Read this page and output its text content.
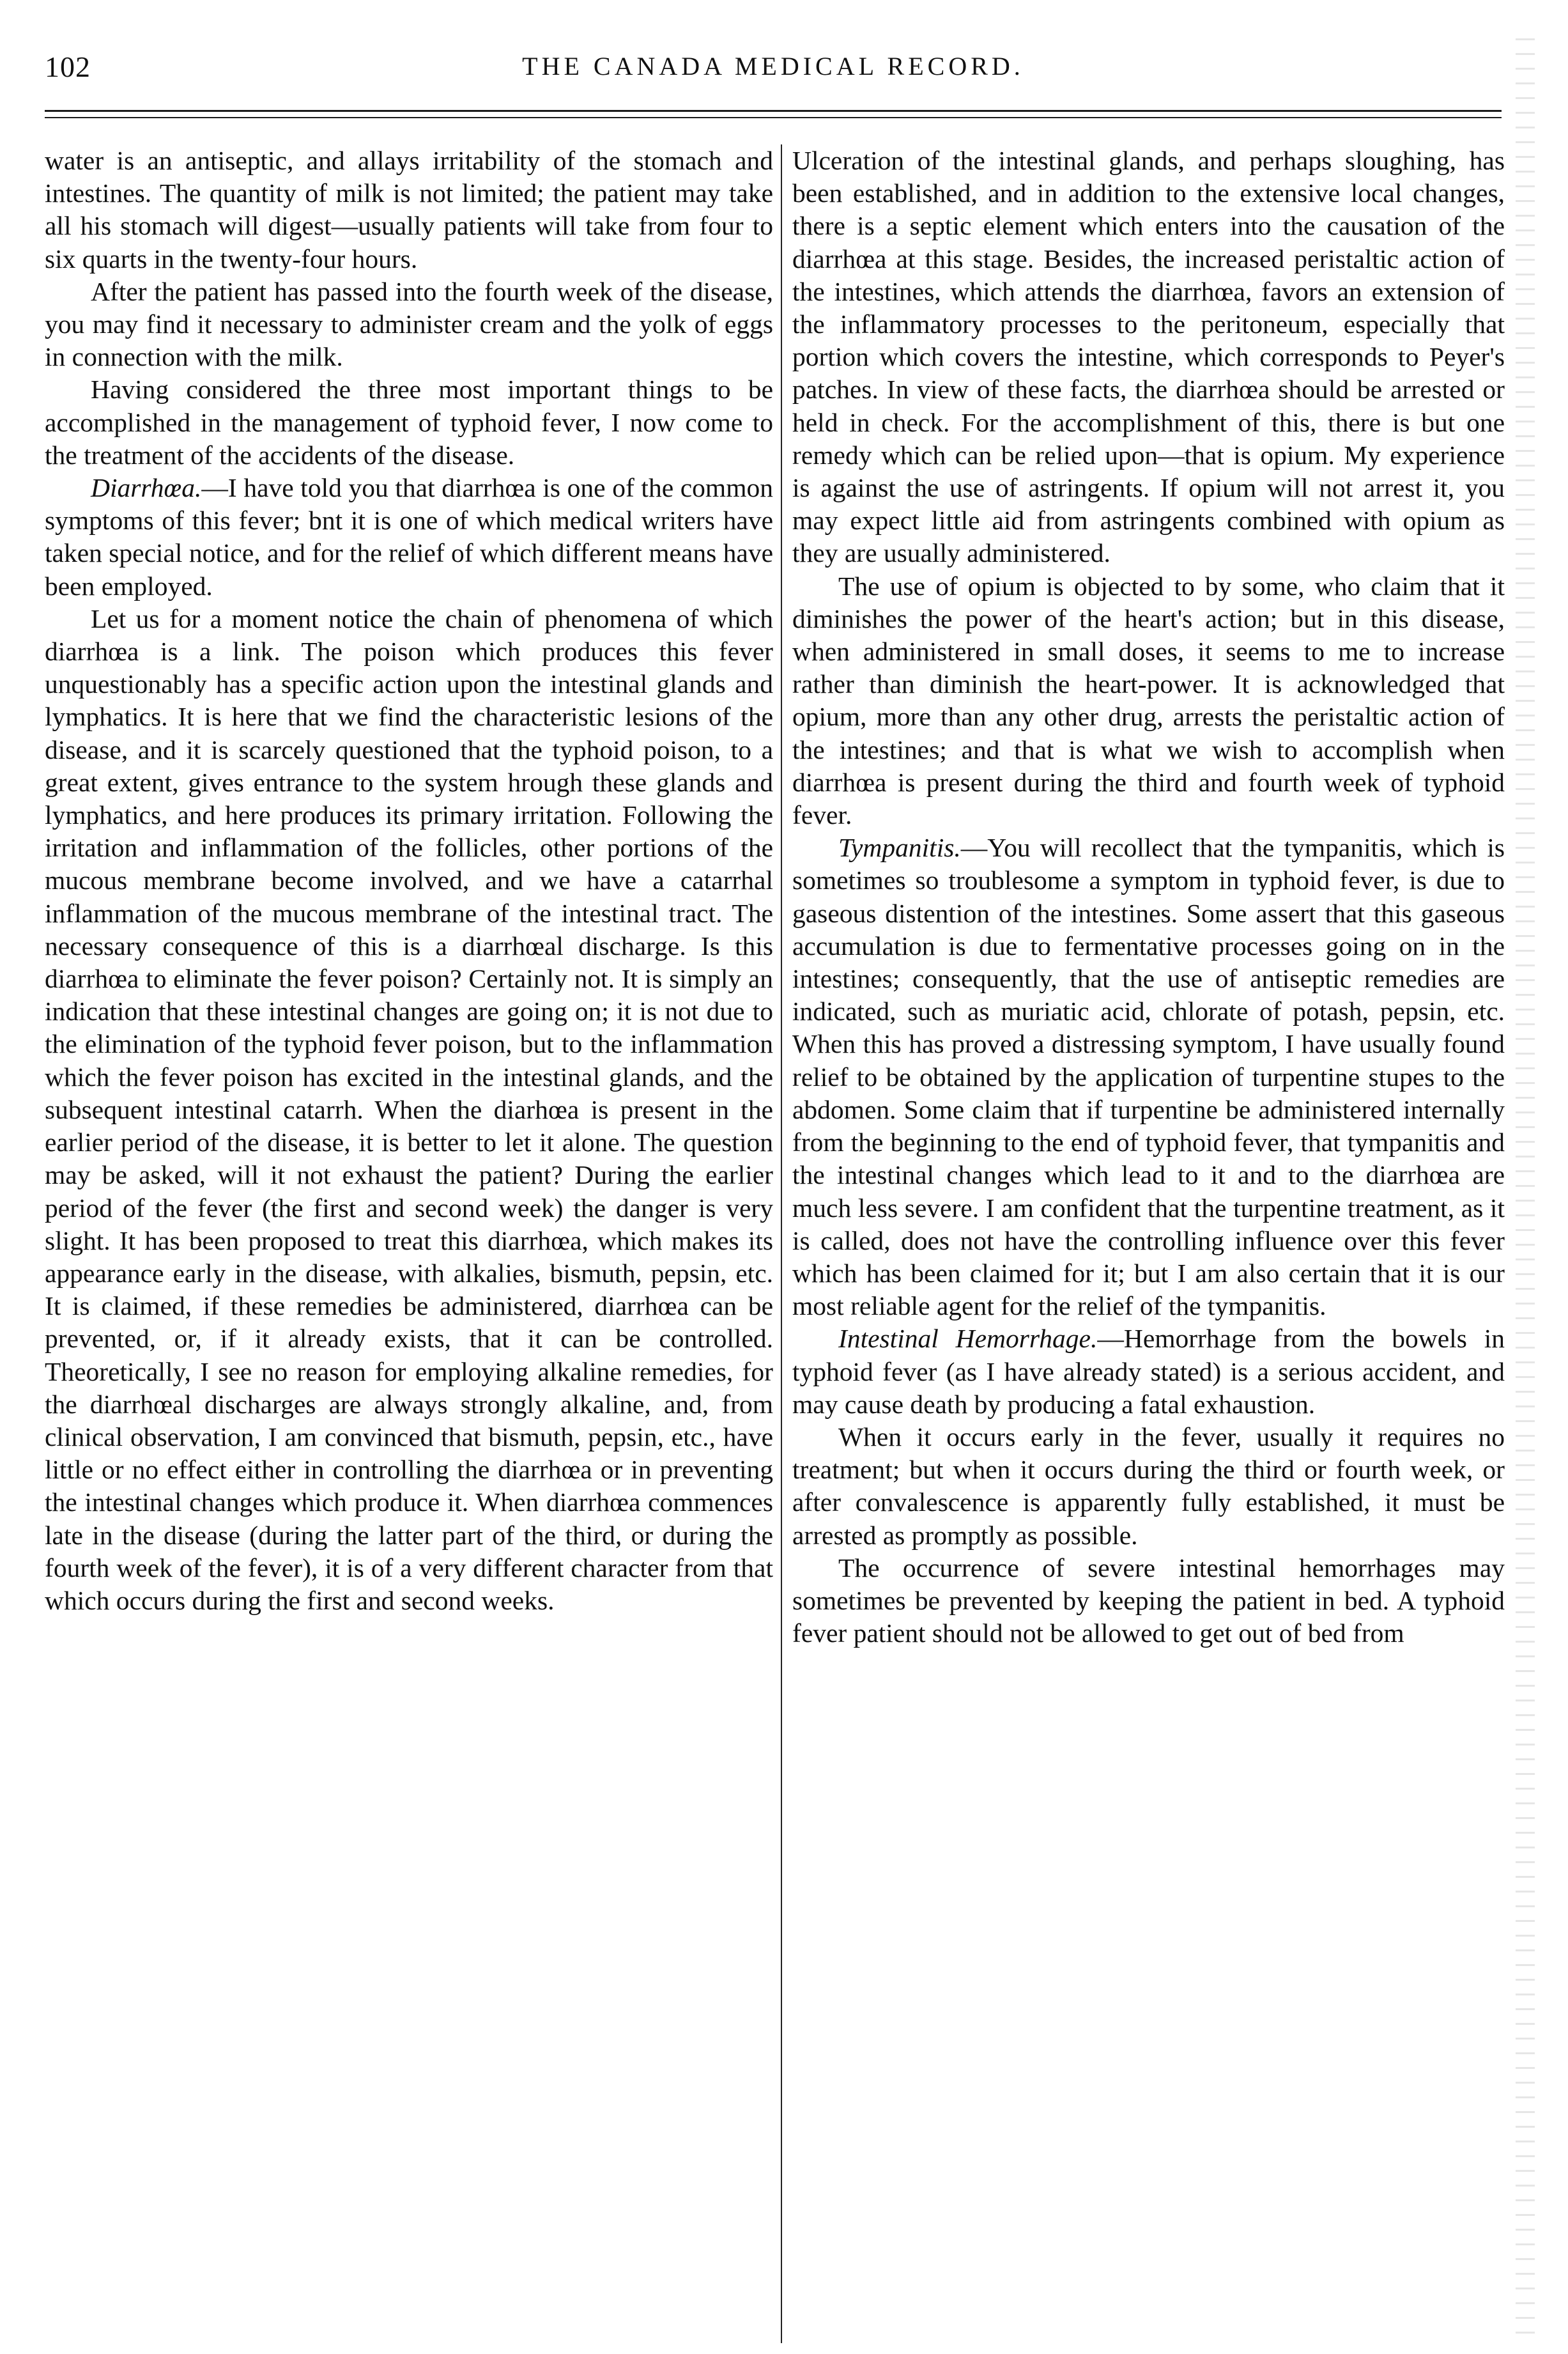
102	THE CANADA MEDICAL RECORD.

water is an antiseptic, and allays irritability of the stomach and intestines. The quantity of milk is not limited; the patient may take all his stomach will digest—usually patients will take from four to six quarts in the twenty-four hours.

After the patient has passed into the fourth week of the disease, you may find it necessary to administer cream and the yolk of eggs in connection with the milk.

Having considered the three most important things to be accomplished in the management of typhoid fever, I now come to the treatment of the accidents of the disease.

Diarrhœa.—I have told you that diarrhœa is one of the common symptoms of this fever; bnt it is one of which medical writers have taken special notice, and for the relief of which different means have been employed.

Let us for a moment notice the chain of phenomena of which diarrhœa is a link. The poison which produces this fever unquestionably has a specific action upon the intestinal glands and lymphatics. It is here that we find the characteristic lesions of the disease, and it is scarcely questioned that the typhoid poison, to a great extent, gives entrance to the system hrough these glands and lymphatics, and here produces its primary irritation. Following the irritation and inflammation of the follicles, other portions of the mucous membrane become involved, and we have a catarrhal inflammation of the mucous membrane of the intestinal tract. The necessary consequence of this is a diarrhœal discharge. Is this diarrhœa to eliminate the fever poison? Certainly not. It is simply an indication that these intestinal changes are going on; it is not due to the elimination of the typhoid fever poison, but to the inflammation which the fever poison has excited in the intestinal glands, and the subsequent intestinal catarrh. When the diarhœa is present in the earlier period of the disease, it is better to let it alone. The question may be asked, will it not exhaust the patient? During the earlier period of the fever (the first and second week) the danger is very slight. It has been proposed to treat this diarrhœa, which makes its appearance early in the disease, with alkalies, bismuth, pepsin, etc. It is claimed, if these remedies be administered, diarrhœa can be prevented, or, if it already exists, that it can be controlled. Theoretically, I see no reason for employing alkaline remedies, for the diarrhœal discharges are always strongly alkaline, and, from clinical observation, I am convinced that bismuth, pepsin, etc., have little or no effect either in controlling the diarrhœa or in preventing the intestinal changes which produce it. When diarrhœa commences late in the disease (during the latter part of the third, or during the fourth week of the fever), it is of a very different character from that which occurs during the first and second weeks.

Ulceration of the intestinal glands, and perhaps sloughing, has been established, and in addition to the extensive local changes, there is a septic element which enters into the causation of the diarrhœa at this stage. Besides, the increased peristaltic action of the intestines, which attends the diarrhœa, favors an extension of the inflammatory processes to the peritoneum, especially that portion which covers the intestine, which corresponds to Peyer's patches. In view of these facts, the diarrhœa should be arrested or held in check. For the accomplishment of this, there is but one remedy which can be relied upon—that is opium. My experience is against the use of astringents. If opium will not arrest it, you may expect little aid from astringents combined with opium as they are usually administered.

The use of opium is objected to by some, who claim that it diminishes the power of the heart's action; but in this disease, when administered in small doses, it seems to me to increase rather than diminish the heart-power. It is acknowledged that opium, more than any other drug, arrests the peristaltic action of the intestines; and that is what we wish to accomplish when diarrhœa is present during the third and fourth week of typhoid fever.

Tympanitis.—You will recollect that the tympanitis, which is sometimes so troublesome a symptom in typhoid fever, is due to gaseous distention of the intestines. Some assert that this gaseous accumulation is due to fermentative processes going on in the intestines; consequently, that the use of antiseptic remedies are indicated, such as muriatic acid, chlorate of potash, pepsin, etc. When this has proved a distressing symptom, I have usually found relief to be obtained by the application of turpentine stupes to the abdomen. Some claim that if turpentine be administered internally from the beginning to the end of typhoid fever, that tympanitis and the intestinal changes which lead to it and to the diarrhœa are much less severe. I am confident that the turpentine treatment, as it is called, does not have the controlling influence over this fever which has been claimed for it; but I am also certain that it is our most reliable agent for the relief of the tympanitis.

Intestinal Hemorrhage.—Hemorrhage from the bowels in typhoid fever (as I have already stated) is a serious accident, and may cause death by producing a fatal exhaustion.

When it occurs early in the fever, usually it requires no treatment; but when it occurs during the third or fourth week, or after convalescence is apparently fully established, it must be arrested as promptly as possible.

The occurrence of severe intestinal hemorrhages may sometimes be prevented by keeping the patient in bed. A typhoid fever patient should not be allowed to get out of bed from
